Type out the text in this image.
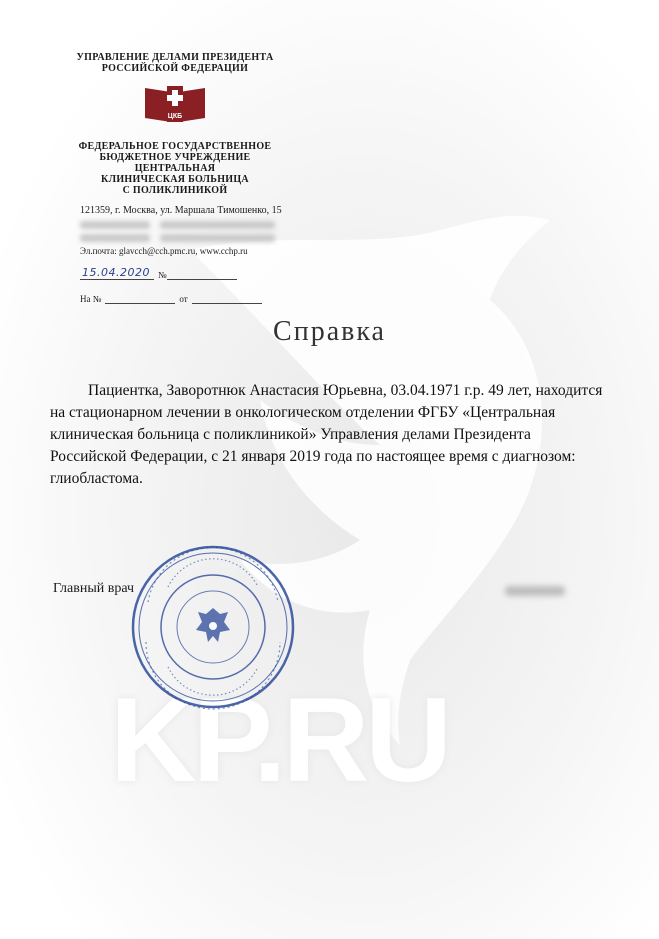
KP.RU
УПРАВЛЕНИЕ ДЕЛАМИ ПРЕЗИДЕНТА
РОССИЙСКОЙ ФЕДЕРАЦИИ
ЦКБ
ФЕДЕРАЛЬНОЕ ГОСУДАРСТВЕННОЕ
БЮДЖЕТНОЕ УЧРЕЖДЕНИЕ
ЦЕНТРАЛЬНАЯ
КЛИНИЧЕСКАЯ БОЛЬНИЦА
С ПОЛИКЛИНИКОЙ
121359, г. Москва, ул. Маршала Тимошенко, 15
Эл.почта: glavcch@cch.pmc.ru, www.cchp.ru
15.04.2020 №
На №	от
Справка

Пациентка, Заворотнюк Анастасия Юрьевна, 03.04.1971 г.р. 49 лет, находится на стационарном лечении в онкологическом отделении ФГБУ «Центральная клиническая больница с поликлиникой» Управления делами Президента Российской Федерации, с 21 января 2019 года по настоящее время с диагнозом: глиобластома.

Главный врач
